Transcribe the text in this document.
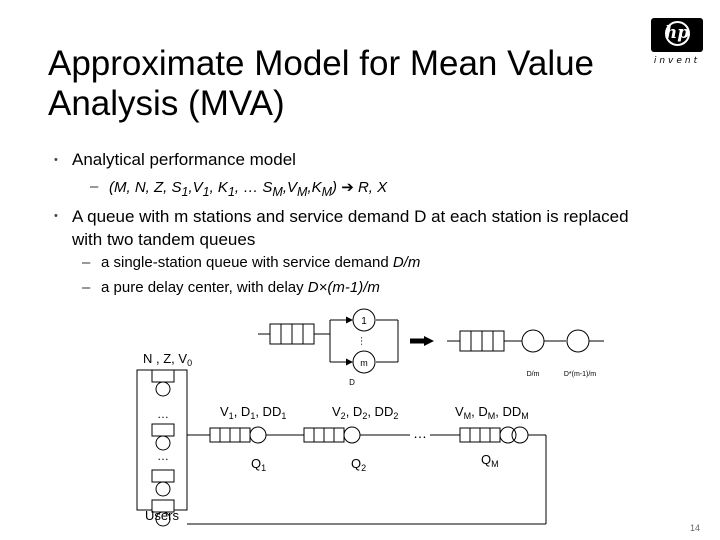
Approximate Model for Mean Value
Analysis (MVA)
hp
invent
• Analytical performance model
– (M, N, Z, $S_1,V_1$, $K_1$, … $S_M,V_M,K_M$) ➔ R, X
• A queue with m stations and service demand D at each station is replaced with two tandem queues
– a single-station queue with service demand D/m
– a pure delay center, with delay D×(m-1)/m
1
…
m
D
D/m	D*(m-1)/m
N , Z, $V_0$
…
…
Users
…
$V_1$, $D_1$, $DD_1$	$V_2$, $D_2$, $DD_2$	$V_M$, $D_M$, $DD_M$
$Q_1$	$Q_2$
$Q_M$
14
